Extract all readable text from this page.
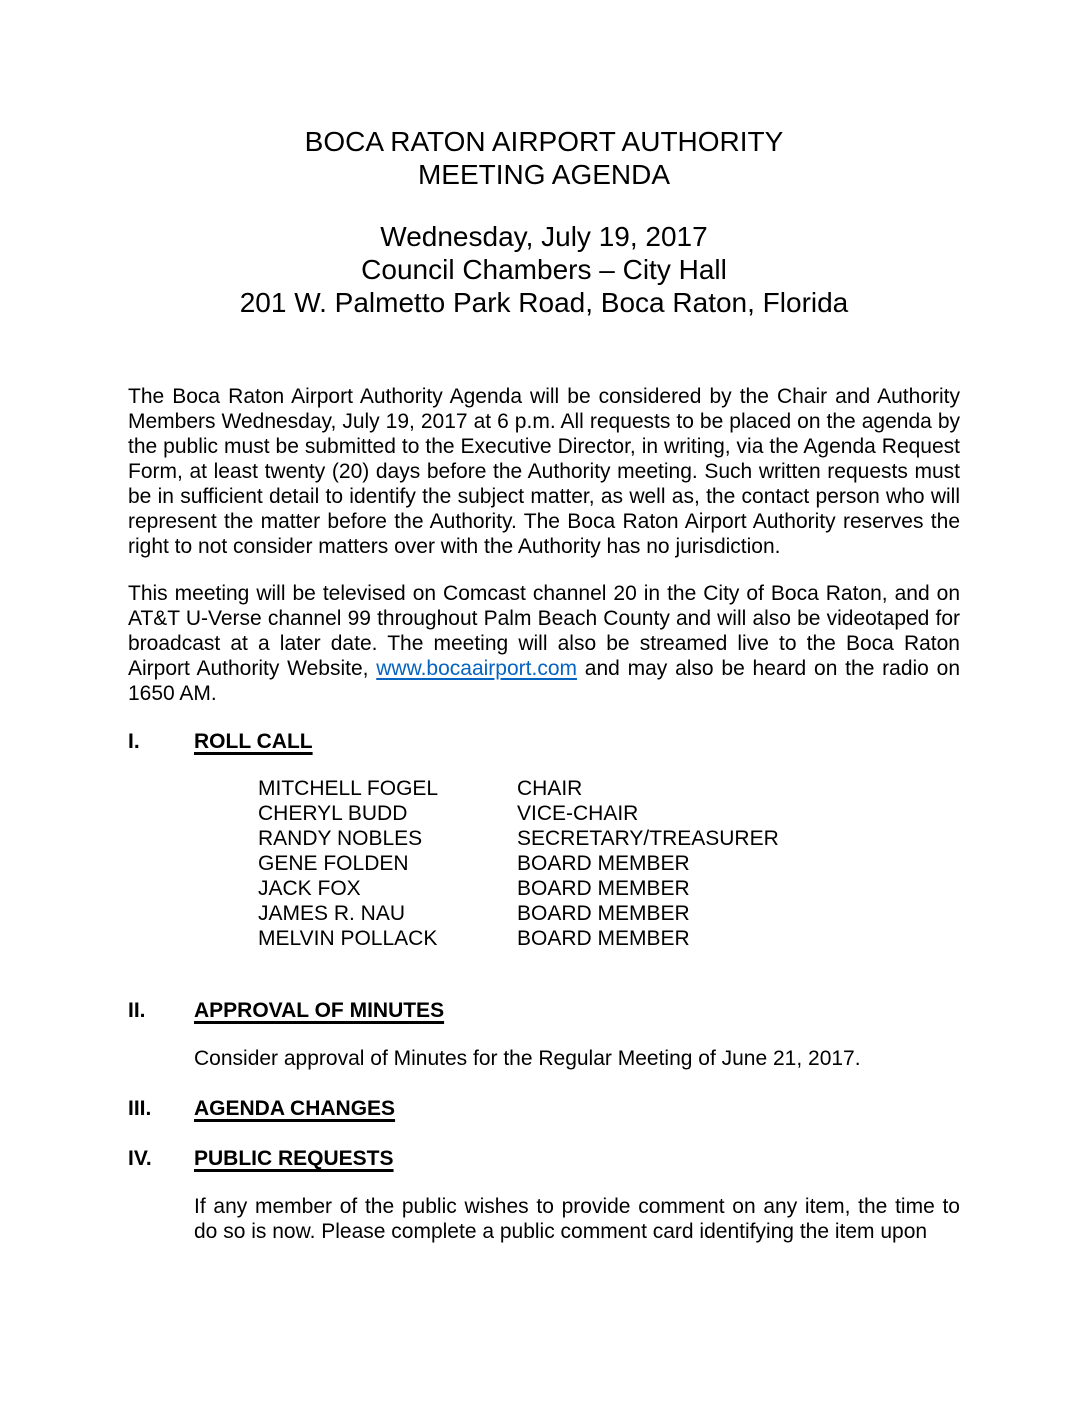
BOCA RATON AIRPORT AUTHORITY
MEETING AGENDA
Wednesday, July 19, 2017
Council Chambers – City Hall
201 W. Palmetto Park Road, Boca Raton, Florida

The Boca Raton Airport Authority Agenda will be considered by the Chair and Authority Members Wednesday, July 19, 2017 at 6 p.m. All requests to be placed on the agenda by the public must be submitted to the Executive Director, in writing, via the Agenda Request Form, at least twenty (20) days before the Authority meeting. Such written requests must be in sufficient detail to identify the subject matter, as well as, the contact person who will represent the matter before the Authority. The Boca Raton Airport Authority reserves the right to not consider matters over with the Authority has no jurisdiction.

This meeting will be televised on Comcast channel 20 in the City of Boca Raton, and on AT&T U-Verse channel 99 throughout Palm Beach County and will also be videotaped for broadcast at a later date. The meeting will also be streamed live to the Boca Raton Airport Authority Website, www.bocaairport.com and may also be heard on the radio on 1650 AM.

I.	ROLL CALL
MITCHELL FOGEL	CHAIR
CHERYL BUDD	VICE-CHAIR
RANDY NOBLES	SECRETARY/TREASURER
GENE FOLDEN	BOARD MEMBER
JACK FOX	BOARD MEMBER
JAMES R. NAU	BOARD MEMBER
MELVIN POLLACK	BOARD MEMBER
II.	APPROVAL OF MINUTES

Consider approval of Minutes for the Regular Meeting of June 21, 2017.

III.	AGENDA CHANGES
IV.	PUBLIC REQUESTS

If any member of the public wishes to provide comment on any item, the time to do so is now. Please complete a public comment card identifying the item upon
